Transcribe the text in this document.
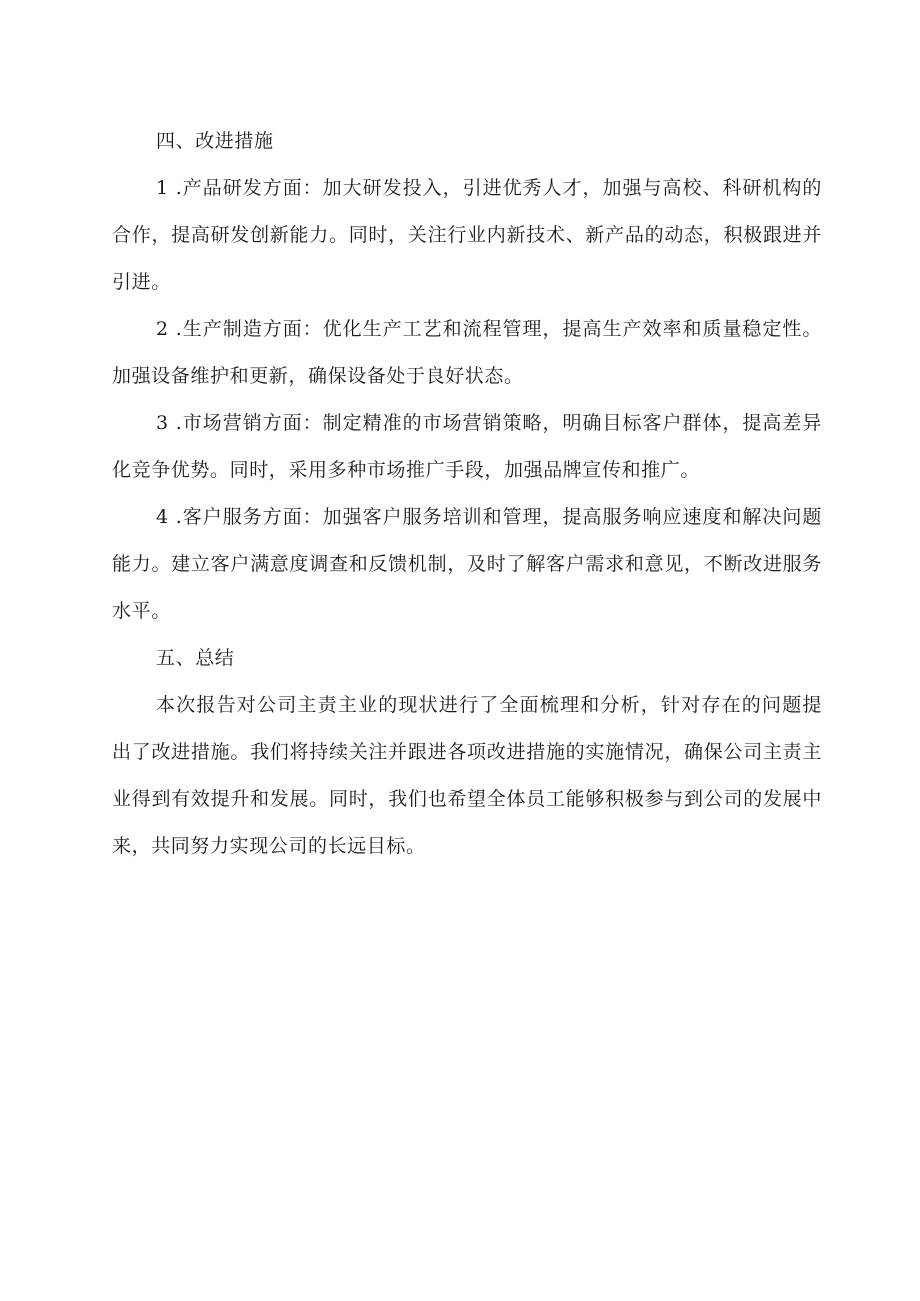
四、改进措施

1 .产品研发方面：加大研发投入，引进优秀人才，加强与高校、科研机构的合作，提高研发创新能力。同时，关注行业内新技术、新产品的动态，积极跟进并引进。

2 .生产制造方面：优化生产工艺和流程管理，提高生产效率和质量稳定性。加强设备维护和更新，确保设备处于良好状态。

3 .市场营销方面：制定精准的市场营销策略，明确目标客户群体，提高差异化竞争优势。同时，采用多种市场推广手段，加强品牌宣传和推广。

4 .客户服务方面：加强客户服务培训和管理，提高服务响应速度和解决问题能力。建立客户满意度调查和反馈机制，及时了解客户需求和意见，不断改进服务水平。

五、总结

本次报告对公司主责主业的现状进行了全面梳理和分析，针对存在的问题提出了改进措施。我们将持续关注并跟进各项改进措施的实施情况，确保公司主责主业得到有效提升和发展。同时，我们也希望全体员工能够积极参与到公司的发展中来，共同努力实现公司的长远目标。
